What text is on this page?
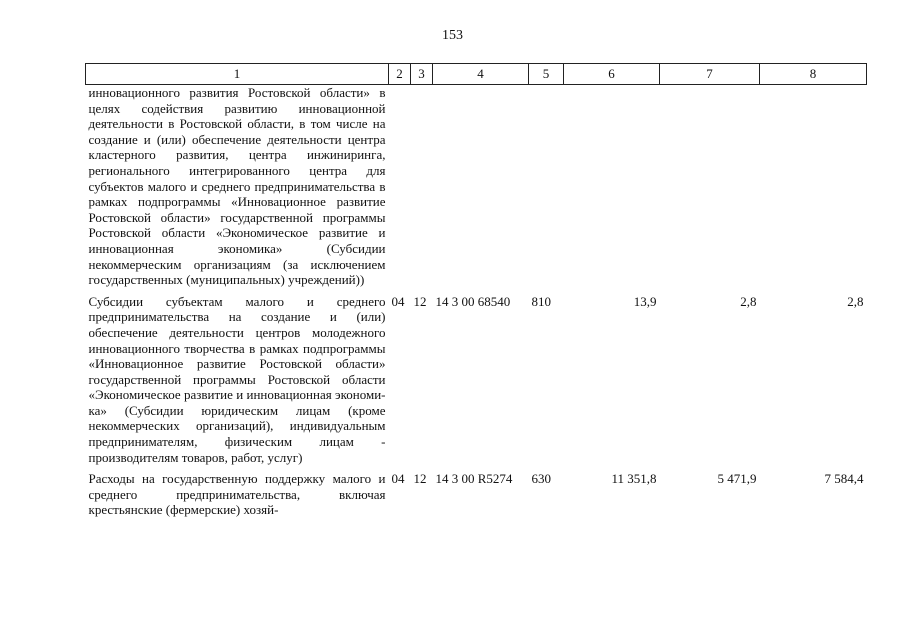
153
1	2	3	4	5	6	7	8
инновационного развития Ростовской области» в целях содействия развитию инновационной деятельности в Ростовской области, в том числе на создание и (или) обеспечение деятельности центра кластерного развития, центра инжиниринга, регионального интегрированного центра для субъектов малого и среднего предпринимательства в рамках подпрограммы «Инновационное развитие Ростовской области» государственной программы Ростовской области «Экономическое развитие и инновационная экономика» (Субсидии некоммерческим организациям (за исключением государственных (муниципальных) учреждений))							
Субсидии субъектам малого и среднего предпринимательства на создание и (или) обеспечение деятельности центров молодежного инновационного творчества в рамках подпрограммы «Инновационное развитие Ростовской области» государственной программы Ростовской области «Экономическое развитие и инновационная экономика» (Субсидии юридическим лицам (кроме некоммерческих организаций), индивидуальным предпринимателям, физическим лицам - производителям товаров, работ, услуг)	04	12	14 3 00 68540	810	13,9	2,8	2,8
Расходы на государственную поддержку малого и среднего предпринимательства, включая крестьянские (фермерские) хозяй-	04	12	14 3 00 R5274	630	11 351,8	5 471,9	7 584,4
